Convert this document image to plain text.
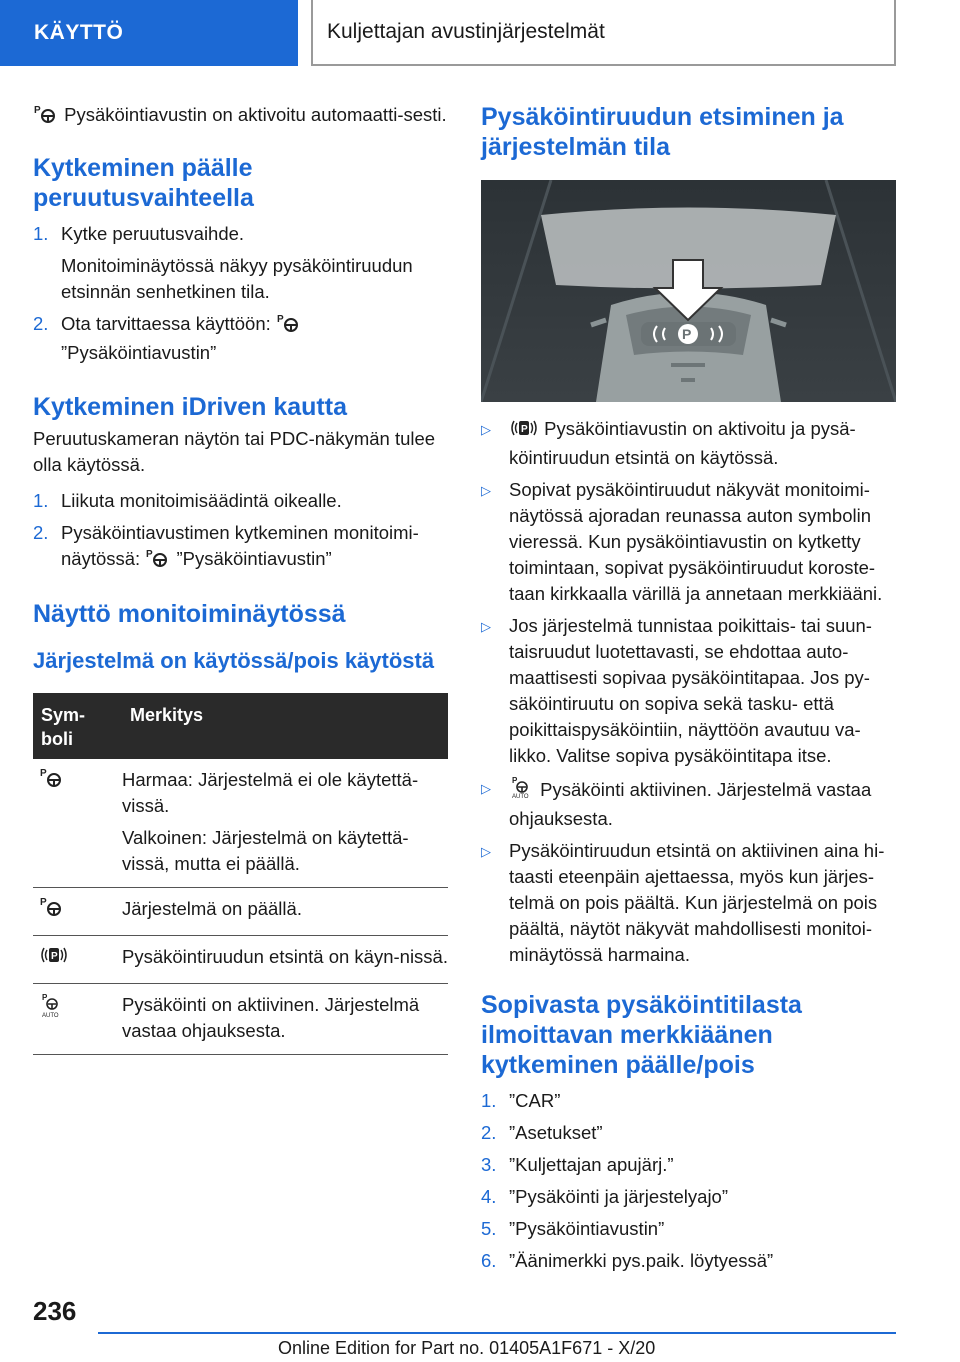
KÄYTTÖ	Kuljettajan avustinjärjestelmät

P Pysäköintiavustin on aktivoitu automaatti-sesti.

Kytkeminen päälle peruutusvaihteella
1. Kytke peruutusvaihde.
Monitoiminäytössä näkyy pysäköintiruudun etsinnän senhetkinen tila.
2. Ota tarvittaessa käyttöön: P

”Pysäköintiavustin”
Kytkeminen iDriven kautta

Peruutuskameran näytön tai PDC-näkymän tulee olla käytössä.

1. Liikuta monitoimisäädintä oikealle.
2. Pysäköintiavustimen kytkeminen monitoimi-näytössä: P ”Pysäköintiavustin”
Näyttö monitoiminäytössä
Järjestelmä on käytössä/pois käytöstä
Sym-boli	Merkitys

P	Harmaa: Järjestelmä ei ole käytettä-vissä.
Valkoinen: Järjestelmä on käytettä-vissä, mutta ei päällä.

P	Järjestelmä on päällä.

P	Pysäköintiruudun etsintä on käyn-nissä.

P
AUTO	Pysäköinti on aktiivinen. Järjestelmä vastaa ohjauksesta.
Pysäköintiruudun etsiminen ja järjestelmän tila
P
▷	P Pysäköintiavustin on aktivoitu ja pysä-köintiruudun etsintä on käytössä.
▷ Sopivat pysäköintiruudut näkyvät monitoimi-näytössä ajoradan reunassa auton symbolin vieressä. Kun pysäköintiavustin on kytketty toimintaan, sopivat pysäköintiruudut koroste-taan kirkkaalla värillä ja annetaan merkkiääni.
▷ Jos järjestelmä tunnistaa poikittais- tai suun-taisruudut luotettavasti, se ehdottaa auto-maattisesti sopivaa pysäköintitapaa. Jos py-säköintiruutu on sopiva sekä tasku- että poikittaispysäköintiin, näyttöön avautuu va-likko. Valitse sopiva pysäköintitapa itse.
▷
P
AUTO Pysäköinti aktiivinen. Järjestelmä vastaa ohjauksesta.
▷ Pysäköintiruudun etsintä on aktiivinen aina hi-taasti eteenpäin ajettaessa, myös kun järjes-telmä on pois päältä. Kun järjestelmä on pois päältä, näytöt näkyvät mahdollisesti monitoi-minäytössä harmaina.
Sopivasta pysäköintitilasta ilmoittavan merkkiäänen kytkeminen päälle/pois
1. ”CAR”
2. ”Asetukset”
3. ”Kuljettajan apujärj.”
4. ”Pysäköinti ja järjestelyajo”
5. ”Pysäköintiavustin”
6. ”Äänimerkki pys.paik. löytyessä”
236
Online Edition for Part no. 01405A1F671 - X/20
